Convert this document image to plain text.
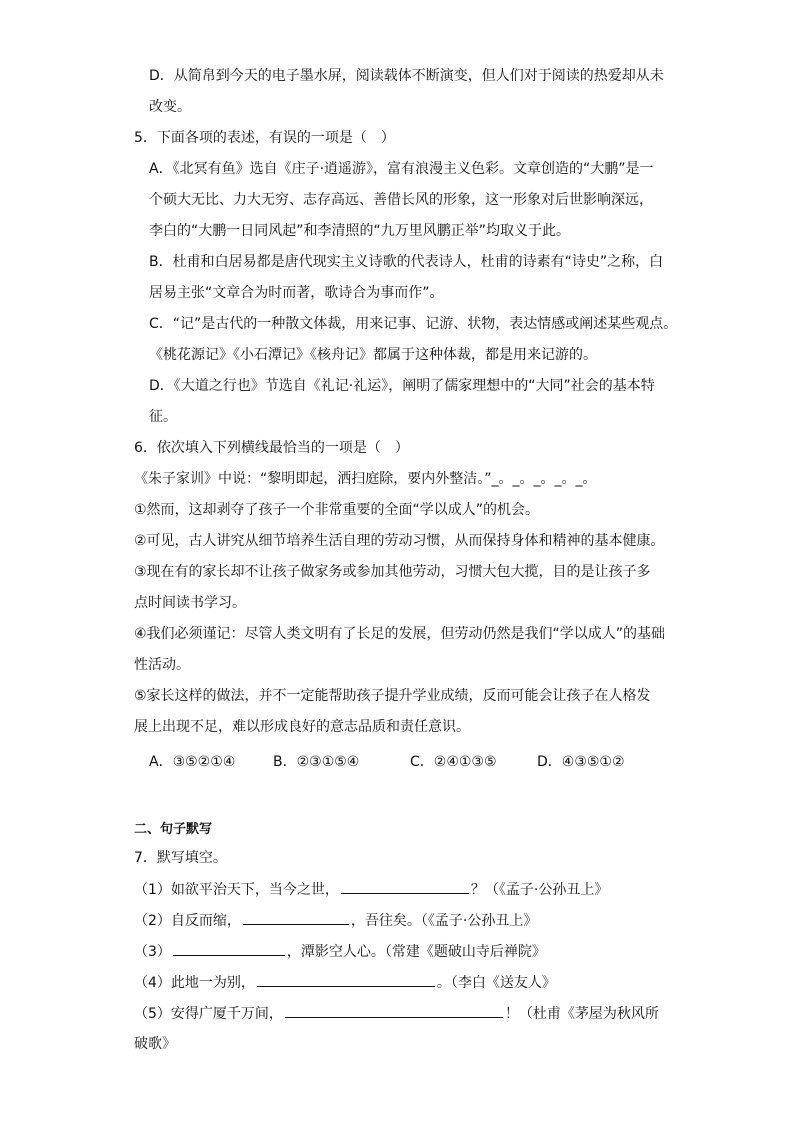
D．从简帛到今天的电子墨水屏，阅读载体不断演变，但人们对于阅读的热爱却从未
改变。
5．下面各项的表述，有误的一项是（　）
A．《北冥有鱼》选自《庄子·逍遥游》，富有浪漫主义色彩。文章创造的“大鹏”是一
个硕大无比、力大无穷、志存高远、善借长风的形象，这一形象对后世影响深远，
李白的“大鹏一日同风起”和李清照的“九万里风鹏正举”均取义于此。
B．杜甫和白居易都是唐代现实主义诗歌的代表诗人，杜甫的诗素有“诗史”之称，白
居易主张“文章合为时而著，歌诗合为事而作”。
C．“记”是古代的一种散文体裁，用来记事、记游、状物，表达情感或阐述某些观点。
《桃花源记》《小石潭记》《核舟记》都属于这种体裁，都是用来记游的。
D．《大道之行也》节选自《礼记·礼运》，阐明了儒家理想中的“大同”社会的基本特
征。
6．依次填入下列横线最恰当的一项是（　）
《朱子家训》中说：“黎明即起，洒扫庭除，要内外整洁。”_。_。_。_。_。
①然而，这却剥夺了孩子一个非常重要的全面“学以成人”的机会。
②可见，古人讲究从细节培养生活自理的劳动习惯，从而保持身体和精神的基本健康。
③现在有的家长却不让孩子做家务或参加其他劳动，习惯大包大揽，目的是让孩子多
点时间读书学习。
④我们必须谨记：尽管人类文明有了长足的发展，但劳动仍然是我们“学以成人”的基础
性活动。
⑤家长这样的做法，并不一定能帮助孩子提升学业成绩，反而可能会让孩子在人格发
展上出现不足，难以形成良好的意志品质和责任意识。
A．③⑤②①④	B．②③①⑤④	C．②④①③⑤	D．④③⑤①②
二、句子默写
7．默写填空。
（1）如欲平治天下，当今之世，	？（《孟子·公孙丑上》
（2）自反而缩，	，吾往矣。（《孟子·公孙丑上》
（3）	，潭影空人心。（常建《题破山寺后禅院》
（4）此地一为别，	。（李白《送友人》
（5）安得广厦千万间，	！（杜甫《茅屋为秋风所
破歌》
